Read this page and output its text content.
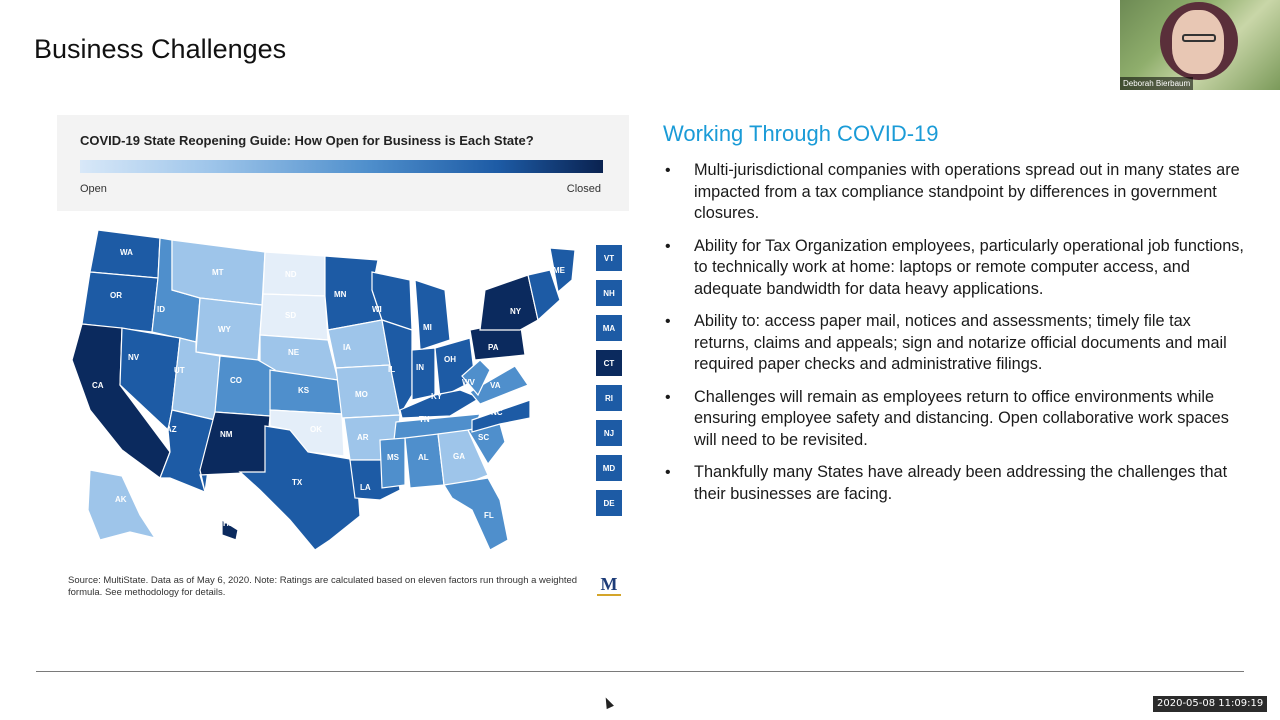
Business Challenges
COVID-19 State Reopening Guide: How Open for Business is Each State?
Open	Closed
WA
OR
CA
ID
NV
MT
WY
UT
AZ
ND
SD
NE
CO
NM
KS
OK
TX
MN
IA
MO
AR
LA
WI
IL
MI
IN
OH
KY
TN
MS AL	GA
FL
SC
NC
VA
WV
PA
NY
ME
AK
HI
VT
NH
MA
CT
RI
NJ
MD
DE
Source: MultiState. Data as of May 6, 2020. Note: Ratings are calculated based on eleven factors run through a weighted formula. See methodology for details.	M
Working Through COVID-19
• Multi-jurisdictional companies with operations spread out in many states are impacted from a tax compliance standpoint by differences in government closures.
• Ability for Tax Organization employees, particularly operational job functions, to technically work at home: laptops or remote computer access, and adequate bandwidth for data heavy applications.
• Ability to: access paper mail, notices and assessments; timely file tax returns, claims and appeals; sign and notarize official documents and mail required paper checks and administrative filings.
• Challenges will remain as employees return to office environments while ensuring employee safety and distancing. Open collaborative work spaces will need to be revisited.
• Thankfully many States have already been addressing the challenges that their businesses are facing.
Deborah Bierbaum
2020-05-08 11:09:19
